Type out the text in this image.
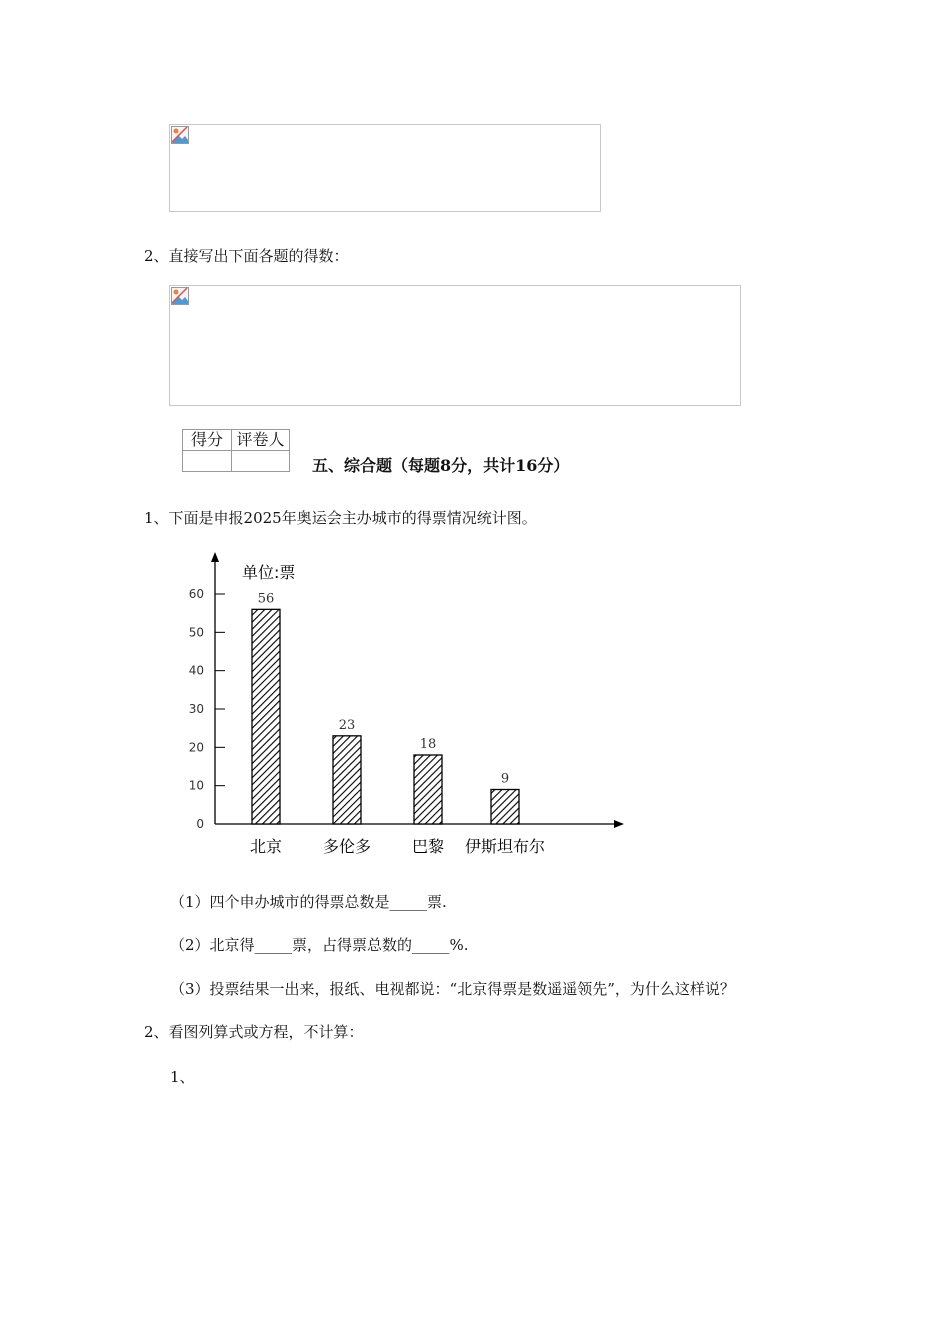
2、直接写出下面各题的得数：
得分	评卷人

五、综合题（每题8分，共计16分）
1、下面是申报2025年奥运会主办城市的得票情况统计图。
0
10
20
30
40
50
60	56
北京
23
多伦多
18
巴黎
9
伊斯坦布尔
单位:票
（1）四个申办城市的得票总数是_____票.
（2）北京得_____票，占得票总数的_____%.
（3）投票结果一出来，报纸、电视都说：“北京得票是数遥遥领先”，为什么这样说？
2、看图列算式或方程，不计算：
1、
